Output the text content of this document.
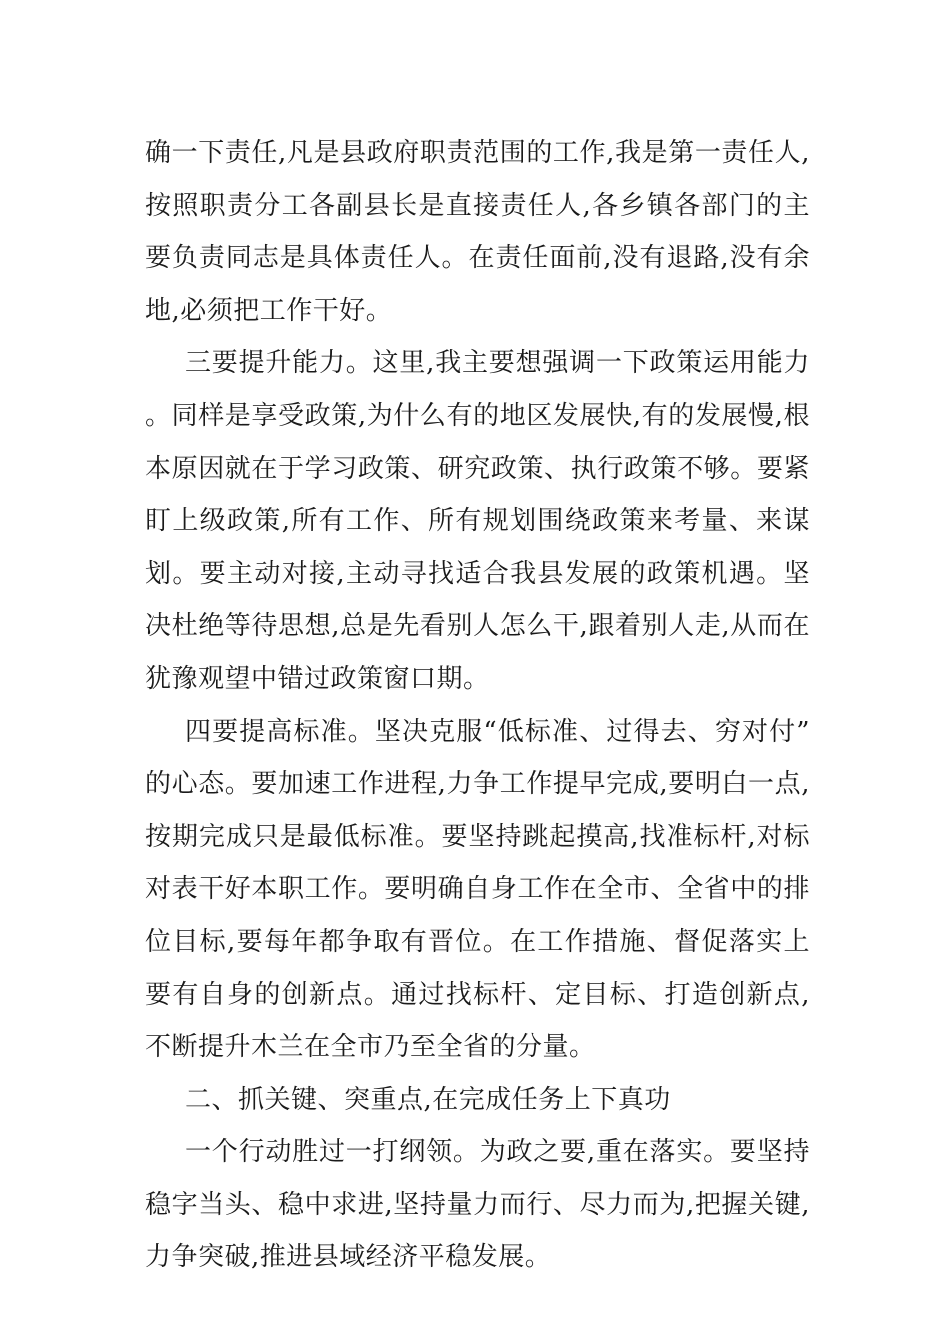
确一下责任,凡是县政府职责范围的工作,我是第一责任人,按照职责分工各副县长是直接责任人,各乡镇各部门的主要负责同志是具体责任人。在责任面前,没有退路,没有余地,必须把工作干好。

三要提升能力。这里,我主要想强调一下政策运用能力。同样是享受政策,为什么有的地区发展快,有的发展慢,根本原因就在于学习政策、研究政策、执行政策不够。要紧盯上级政策,所有工作、所有规划围绕政策来考量、来谋划。要主动对接,主动寻找适合我县发展的政策机遇。坚决杜绝等待思想,总是先看别人怎么干,跟着别人走,从而在犹豫观望中错过政策窗口期。

四要提高标准。坚决克服“低标准、过得去、穷对付”的心态。要加速工作进程,力争工作提早完成,要明白一点,按期完成只是最低标准。要坚持跳起摸高,找准标杆,对标对表干好本职工作。要明确自身工作在全市、全省中的排位目标,要每年都争取有晋位。在工作措施、督促落实上要有自身的创新点。通过找标杆、定目标、打造创新点,不断提升木兰在全市乃至全省的分量。

二、抓关键、突重点,在完成任务上下真功

一个行动胜过一打纲领。为政之要,重在落实。要坚持稳字当头、稳中求进,坚持量力而行、尽力而为,把握关键,力争突破,推进县域经济平稳发展。
